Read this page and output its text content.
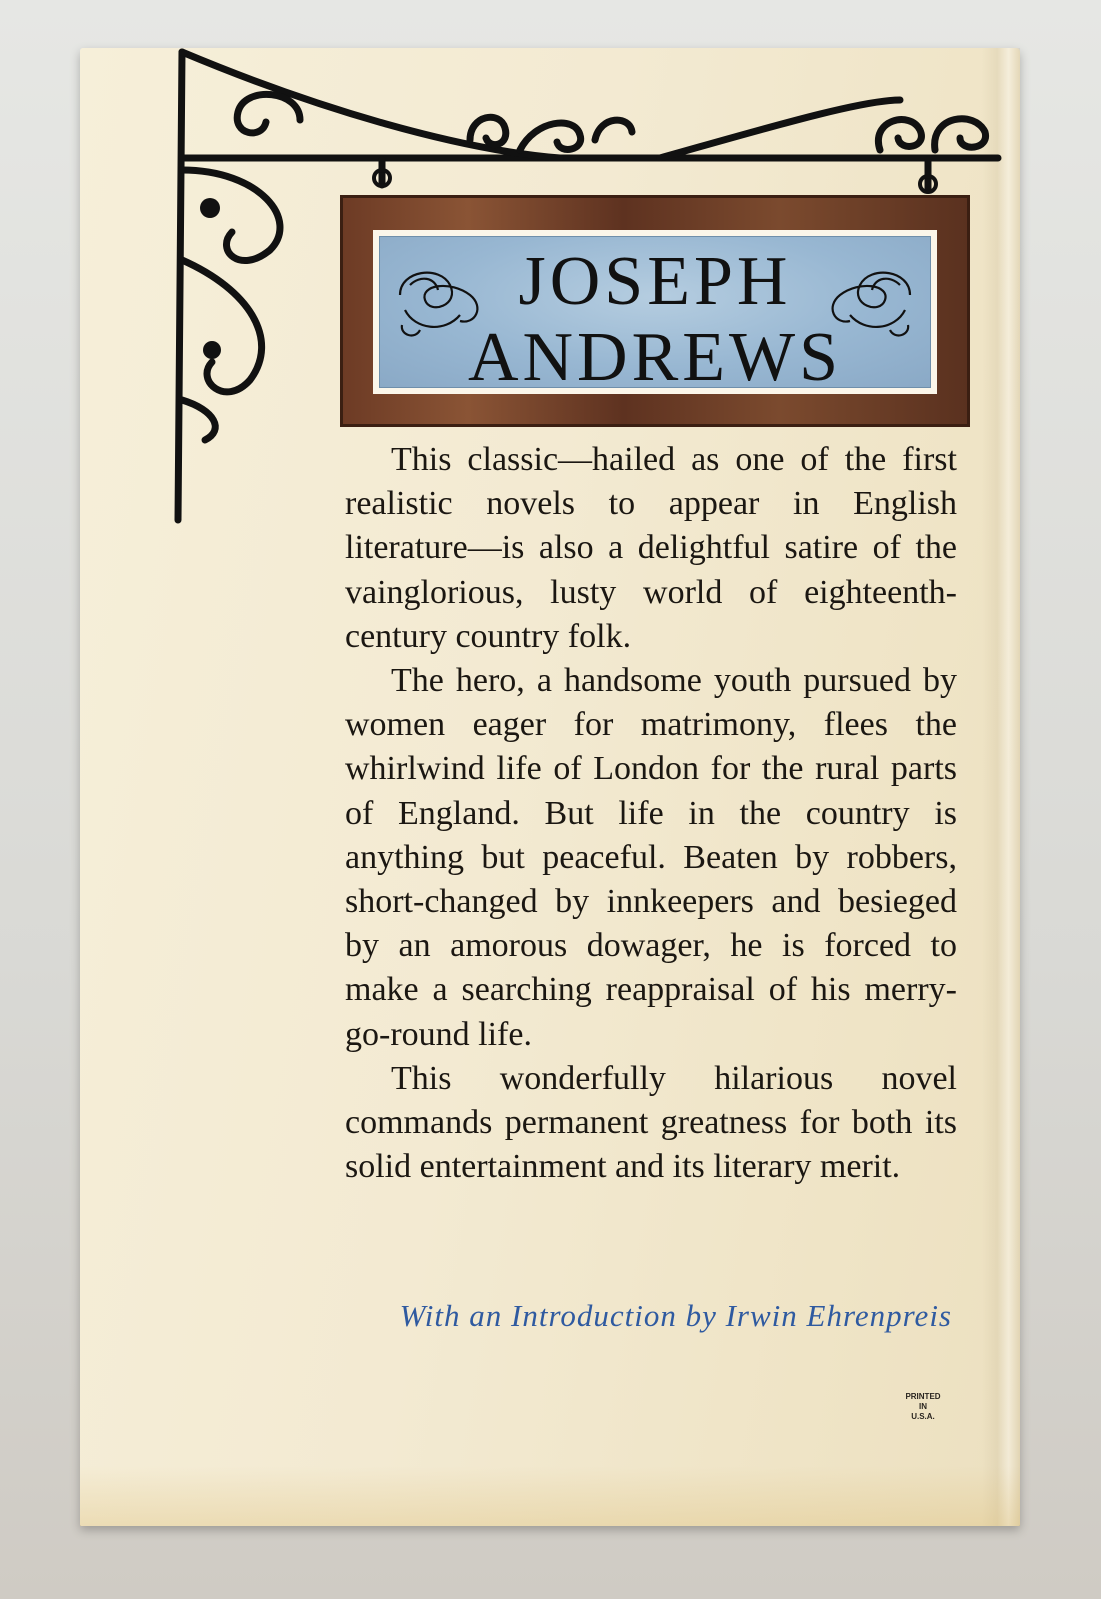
JOSEPH
ANDREWS

This classic—hailed as one of the first realistic novels to appear in English literature—is also a delightful satire of the vainglorious, lusty world of eighteenth-century country folk.

The hero, a handsome youth pursued by women eager for matrimony, flees the whirlwind life of London for the rural parts of England. But life in the country is anything but peaceful. Beaten by robbers, short-changed by innkeepers and besieged by an amorous dowager, he is forced to make a searching reappraisal of his merry-go-round life.

This wonderfully hilarious novel commands permanent greatness for both its solid entertainment and its literary merit.

With an Introduction by Irwin Ehrenpreis
PRINTED
IN
U.S.A.
